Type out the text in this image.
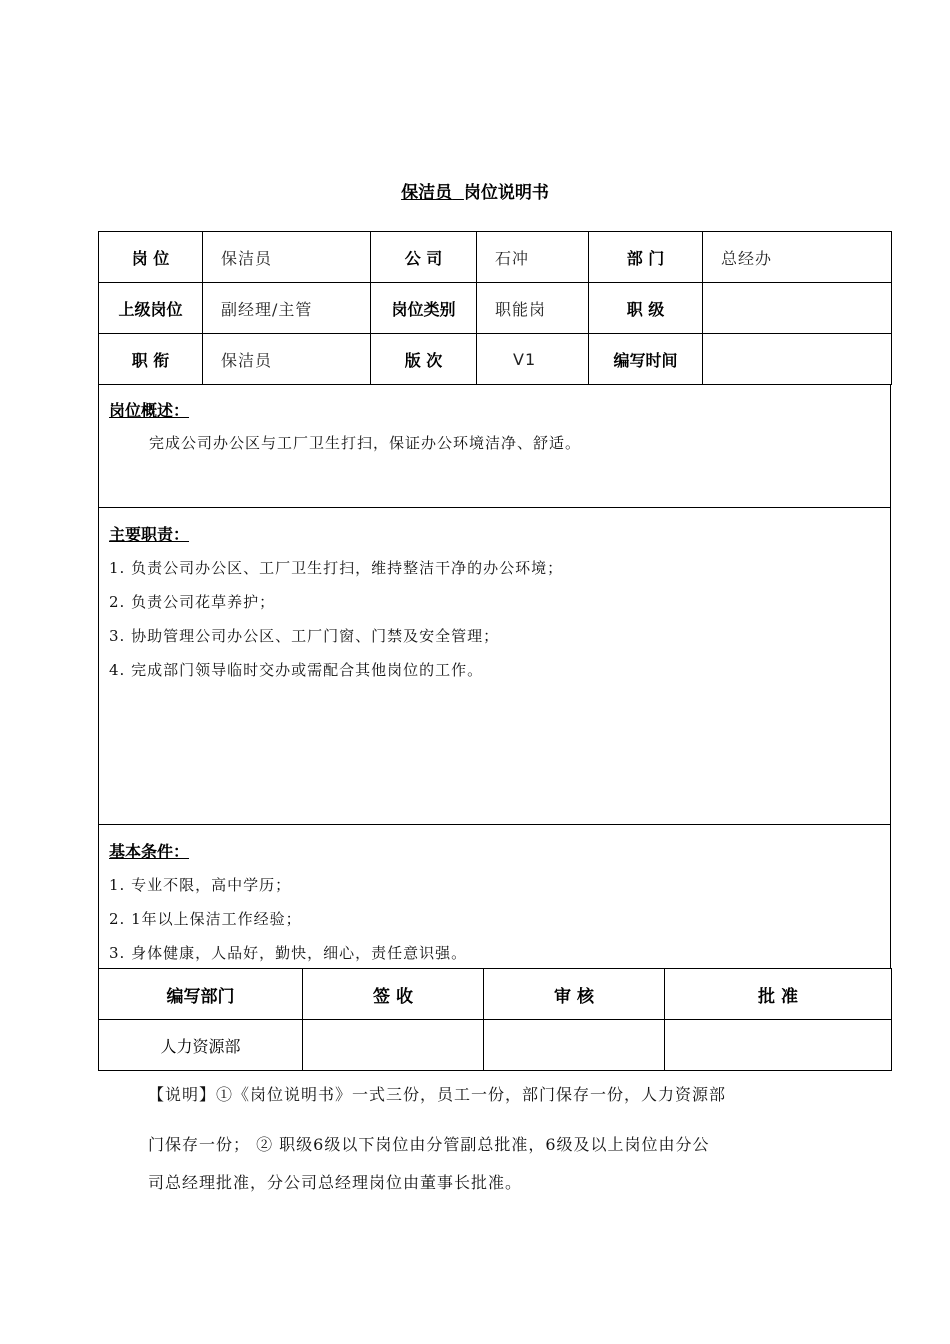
保洁员 岗位说明书
岗 位	保洁员	公 司	石冲	部 门	总经办
上级岗位	副经理/主管	岗位类别	职能岗	职 级	
职 衔	保洁员	版 次	V1	编写时间	
岗位概述：
完成公司办公区与工厂卫生打扫，保证办公环境洁净、舒适。
主要职责：
1. 负责公司办公区、工厂卫生打扫，维持整洁干净的办公环境；
2. 负责公司花草养护；
3. 协助管理公司办公区、工厂门窗、门禁及安全管理；
4. 完成部门领导临时交办或需配合其他岗位的工作。
基本条件：
1. 专业不限，高中学历；
2. 1年以上保洁工作经验；
3. 身体健康，人品好，勤快，细心，责任意识强。
编写部门	签 收	审 核	批 准
人力资源部			
【说明】①《岗位说明书》一式三份，员工一份，部门保存一份，人力资源部
门保存一份； ② 职级6级以下岗位由分管副总批准，6级及以上岗位由分公
司总经理批准，分公司总经理岗位由董事长批准。
